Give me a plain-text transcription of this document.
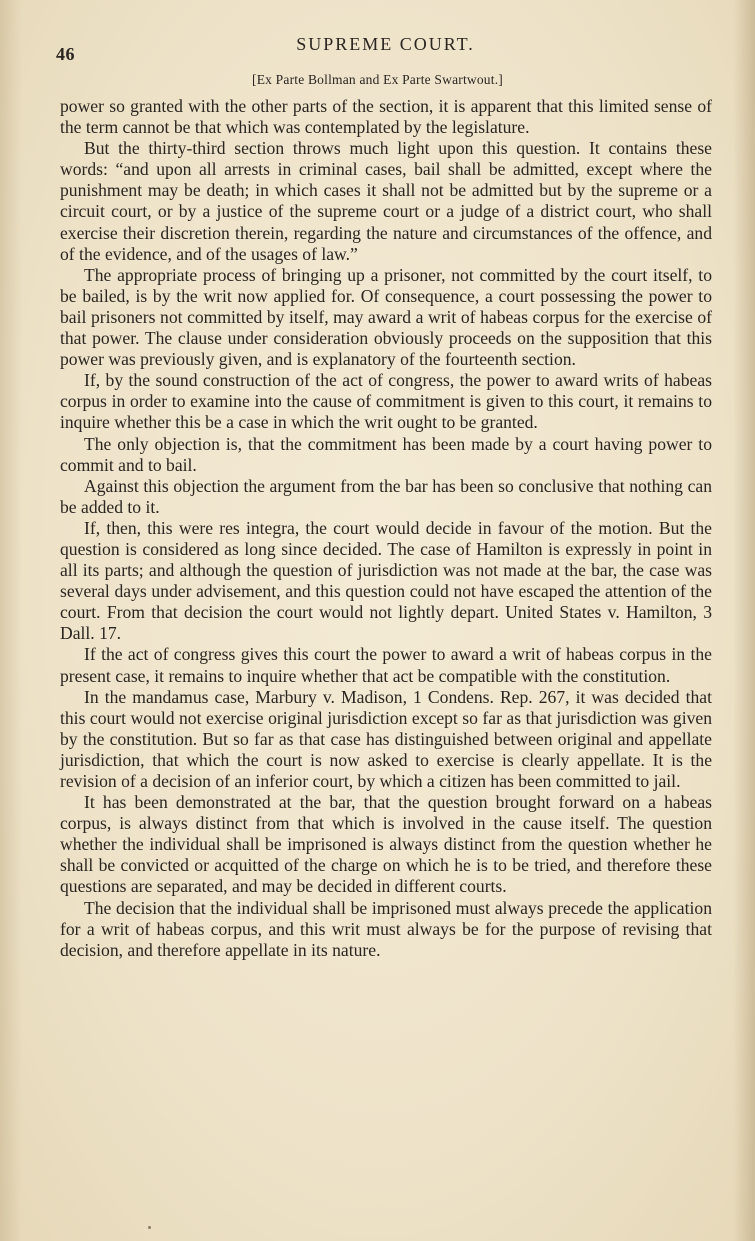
46	SUPREME COURT.
[Ex Parte Bollman and Ex Parte Swartwout.]

power so granted with the other parts of the section, it is apparent that this limited sense of the term cannot be that which was contemplated by the legislature.

But the thirty-third section throws much light upon this question. It contains these words: “and upon all arrests in criminal cases, bail shall be admitted, except where the punishment may be death; in which cases it shall not be admitted but by the supreme or a circuit court, or by a justice of the supreme court or a judge of a district court, who shall exercise their discretion therein, regarding the nature and circumstances of the offence, and of the evidence, and of the usages of law.”

The appropriate process of bringing up a prisoner, not committed by the court itself, to be bailed, is by the writ now applied for. Of consequence, a court possessing the power to bail prisoners not committed by itself, may award a writ of habeas corpus for the exercise of that power. The clause under consideration obviously proceeds on the supposition that this power was previously given, and is explanatory of the fourteenth section.

If, by the sound construction of the act of congress, the power to award writs of habeas corpus in order to examine into the cause of commitment is given to this court, it remains to inquire whether this be a case in which the writ ought to be granted.

The only objection is, that the commitment has been made by a court having power to commit and to bail.

Against this objection the argument from the bar has been so conclusive that nothing can be added to it.

If, then, this were res integra, the court would decide in favour of the motion. But the question is considered as long since decided. The case of Hamilton is expressly in point in all its parts; and although the question of jurisdiction was not made at the bar, the case was several days under advisement, and this question could not have escaped the attention of the court. From that decision the court would not lightly depart. United States v. Hamilton, 3 Dall. 17.

If the act of congress gives this court the power to award a writ of habeas corpus in the present case, it remains to inquire whether that act be compatible with the constitution.

In the mandamus case, Marbury v. Madison, 1 Condens. Rep. 267, it was decided that this court would not exercise original jurisdiction except so far as that jurisdiction was given by the constitution. But so far as that case has distinguished between original and appellate jurisdiction, that which the court is now asked to exercise is clearly appellate. It is the revision of a decision of an inferior court, by which a citizen has been committed to jail.

It has been demonstrated at the bar, that the question brought forward on a habeas corpus, is always distinct from that which is involved in the cause itself. The question whether the individual shall be imprisoned is always distinct from the question whether he shall be convicted or acquitted of the charge on which he is to be tried, and therefore these questions are separated, and may be decided in different courts.

The decision that the individual shall be imprisoned must always precede the application for a writ of habeas corpus, and this writ must always be for the purpose of revising that decision, and therefore appellate in its nature.
